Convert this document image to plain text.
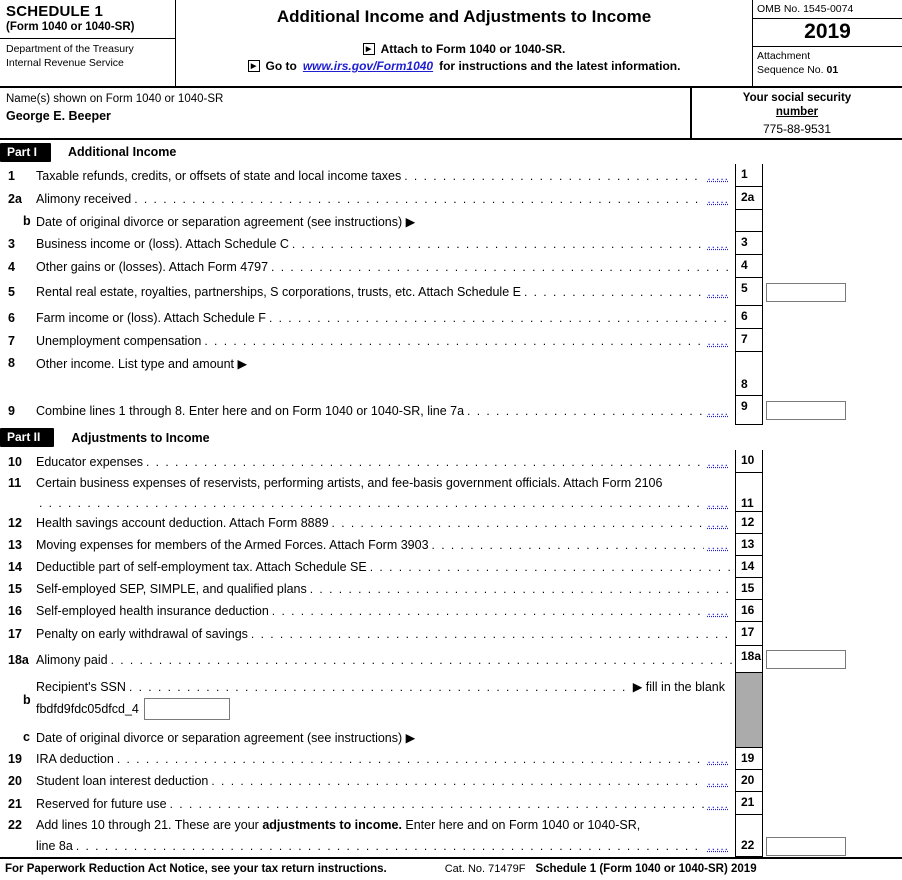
SCHEDULE 1
(Form 1040 or 1040-SR)
Department of the Treasury
Internal Revenue Service
Additional Income and Adjustments to Income
▶ Attach to Form 1040 or 1040-SR.
▶ Go to www.irs.gov/Form1040 for instructions and the latest information.
OMB No. 1545-0074
2019
Attachment
Sequence No. 01
Name(s) shown on Form 1040 or 1040-SR
George E. Beeper
Your social security
number
775-88-9531
Part I	Additional Income
1	Taxable refunds, credits, or offsets of state and local income taxes . . . .....	1
2a	Alimony received . . . .....	2a
b Date of original divorce or separation agreement (see instructions) ▶
3	Business income or (loss). Attach Schedule C . . . .....	3
4	Other gains or (losses). Attach Form 4797 . . .	4
5	Rental real estate, royalties, partnerships, S corporations, trusts, etc. Attach Schedule E . . . .....	5
6	Farm income or (loss). Attach Schedule F . . .	6
7	Unemployment compensation . . . .....	7
8	Other income. List type and amount ▶
8
9	Combine lines 1 through 8. Enter here and on Form 1040 or 1040-SR, line 7a . . . .....	9
Part II	Adjustments to Income
10	Educator expenses . . . .....	10
11	Certain business expenses of reservists, performing artists, and fee-basis government officials. Attach Form 2106
. . .
.....
11
12	Health savings account deduction. Attach Form 8889 . . . .....	12
13	Moving expenses for members of the Armed Forces. Attach Form 3903 . . . .....	13
14	Deductible part of self-employment tax. Attach Schedule SE . . .	14
15	Self-employed SEP, SIMPLE, and qualified plans . . .	15
16	Self-employed health insurance deduction . . . .....	16
17	Penalty on early withdrawal of savings . . .	17
18a Alimony paid . . .	18a
b
Recipient's SSN . . .	▶ fill in the blank
fbdfd9fdc05dfcd_4
c Date of original divorce or separation agreement (see instructions) ▶
19	IRA deduction . . . .....	19
20	Student loan interest deduction . . . .....	20
21	Reserved for future use . . . .....	21
22	Add lines 10 through 21. These are your adjustments to income. Enter here and on Form 1040 or 1040-SR,
line 8a . . . .....	22
For Paperwork Reduction Act Notice, see your tax return instructions.	Cat. No. 71479F Schedule 1 (Form 1040 or 1040-SR) 2019
